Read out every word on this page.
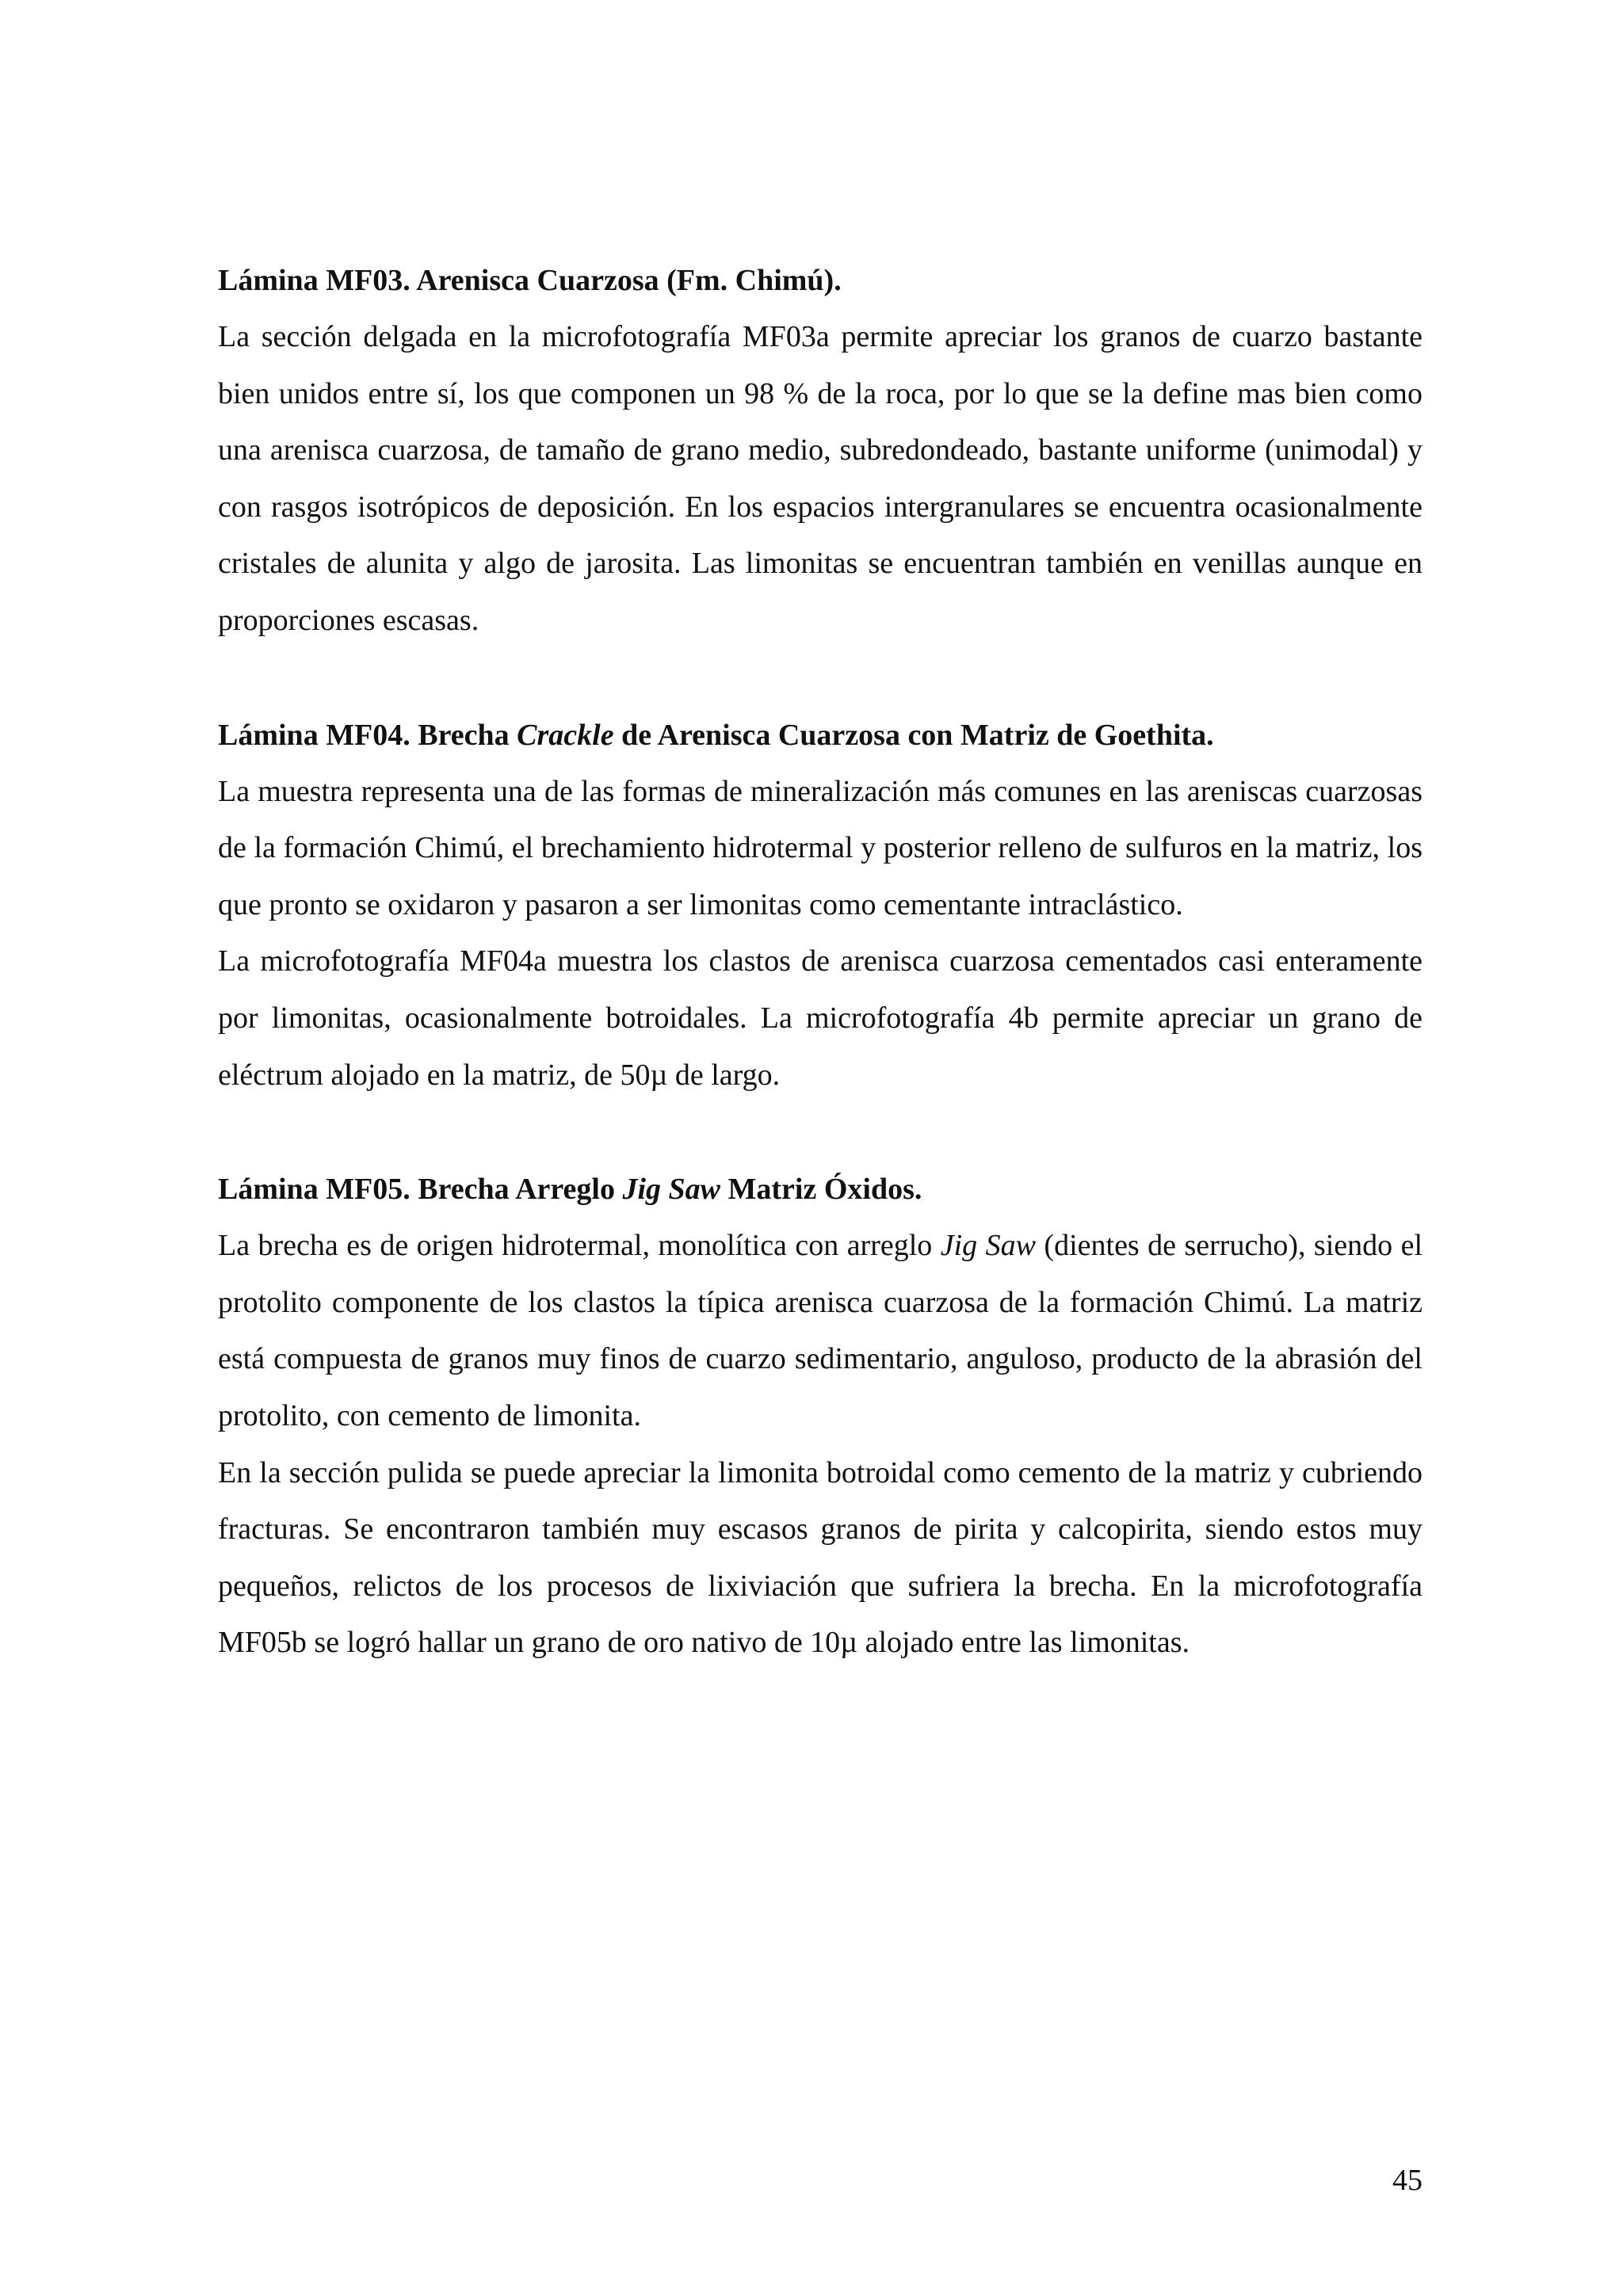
Lámina MF03. Arenisca Cuarzosa (Fm. Chimú).

La sección delgada en la microfotografía MF03a permite apreciar los granos de cuarzo bastante bien unidos entre sí, los que componen un 98 % de la roca, por lo que se la define mas bien como una arenisca cuarzosa, de tamaño de grano medio, subredondeado, bastante uniforme (unimodal) y con rasgos isotrópicos de deposición. En los espacios intergranulares se encuentra ocasionalmente cristales de alunita y algo de jarosita. Las limonitas se encuentran también en venillas aunque en proporciones escasas.

Lámina MF04. Brecha Crackle de Arenisca Cuarzosa con Matriz de Goethita.

La muestra representa una de las formas de mineralización más comunes en las areniscas cuarzosas de la formación Chimú, el brechamiento hidrotermal y posterior relleno de sulfuros en la matriz, los que pronto se oxidaron y pasaron a ser limonitas como cementante intraclástico.

La microfotografía MF04a muestra los clastos de arenisca cuarzosa cementados casi enteramente por limonitas, ocasionalmente botroidales. La microfotografía 4b permite apreciar un grano de eléctrum alojado en la matriz, de 50µ de largo.

Lámina MF05. Brecha Arreglo Jig Saw Matriz Óxidos.

La brecha es de origen hidrotermal, monolítica con arreglo Jig Saw (dientes de serrucho), siendo el protolito componente de los clastos la típica arenisca cuarzosa de la formación Chimú. La matriz está compuesta de granos muy finos de cuarzo sedimentario, anguloso, producto de la abrasión del protolito, con cemento de limonita.

En la sección pulida se puede apreciar la limonita botroidal como cemento de la matriz y cubriendo fracturas. Se encontraron también muy escasos granos de pirita y calcopirita, siendo estos muy pequeños, relictos de los procesos de lixiviación que sufriera la brecha. En la microfotografía MF05b se logró hallar un grano de oro nativo de 10µ alojado entre las limonitas.

45
